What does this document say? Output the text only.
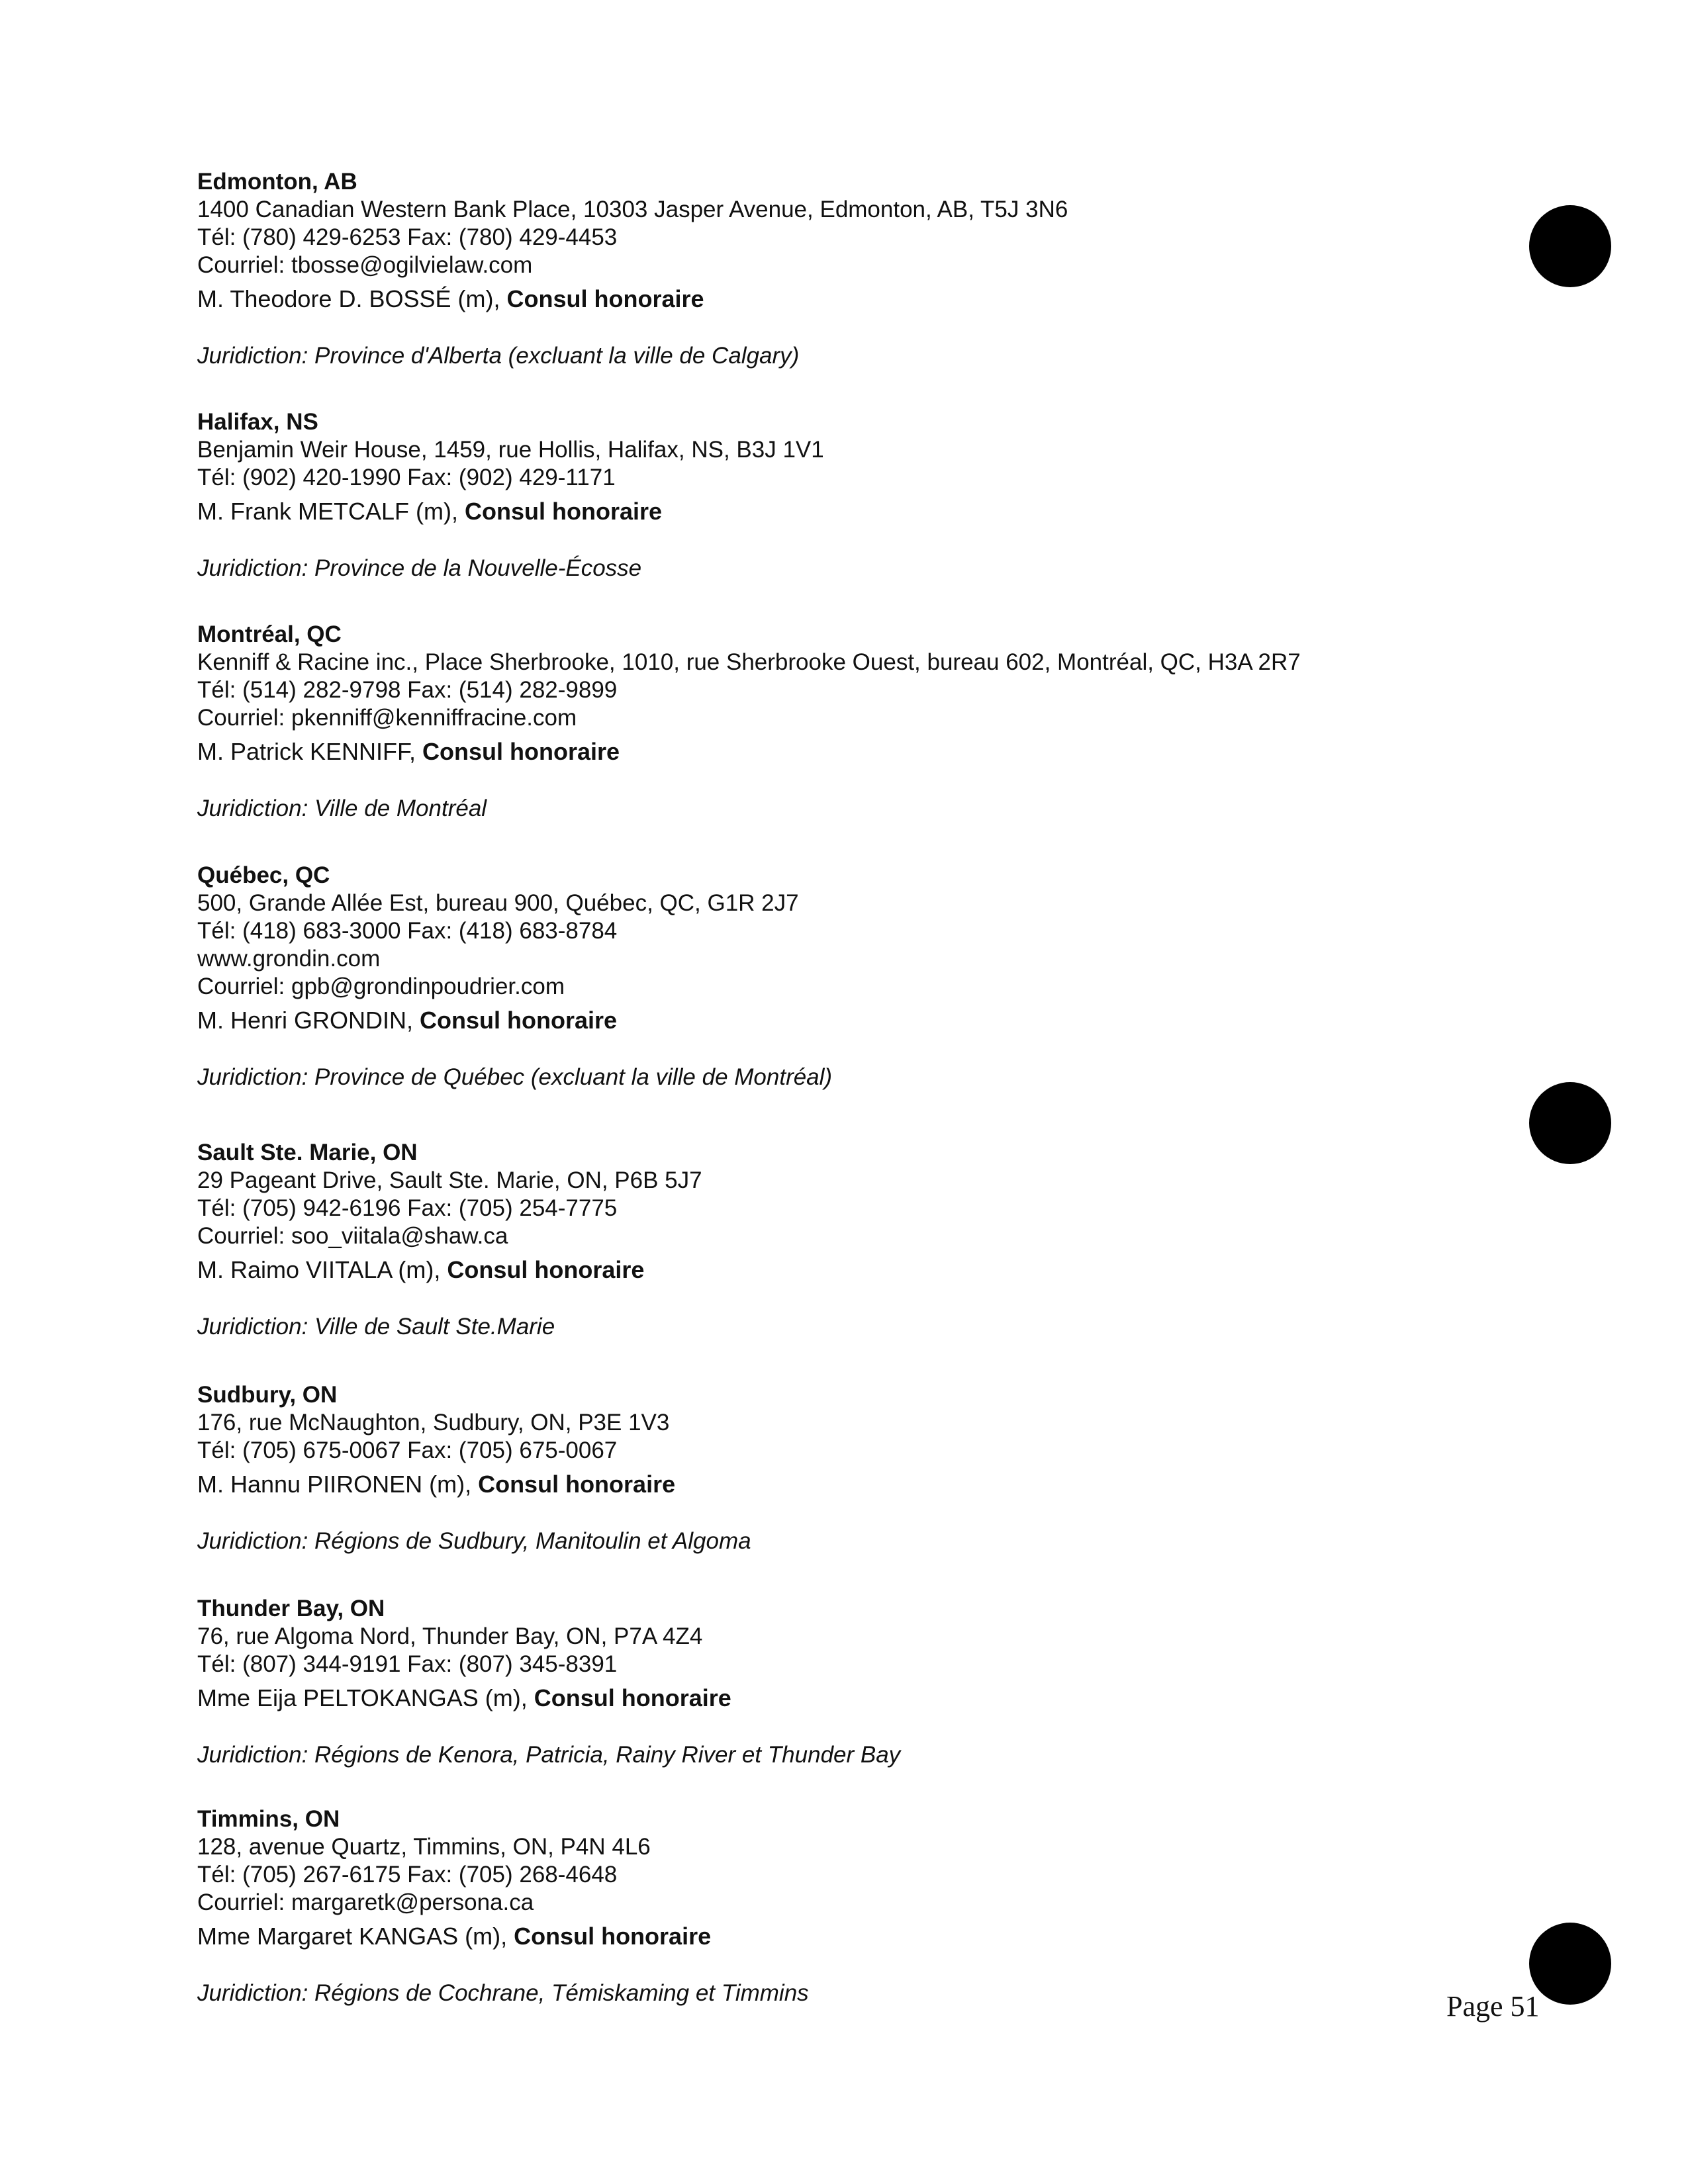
Edmonton, AB
1400 Canadian Western Bank Place, 10303 Jasper Avenue, Edmonton, AB, T5J 3N6
Tél: (780) 429-6253 Fax: (780) 429-4453
Courriel: tbosse@ogilvielaw.com
M. Theodore D. BOSSÉ (m), Consul honoraire
Juridiction: Province d'Alberta (excluant la ville de Calgary)
Halifax, NS
Benjamin Weir House, 1459, rue Hollis, Halifax, NS, B3J 1V1
Tél: (902) 420-1990 Fax: (902) 429-1171
M. Frank METCALF (m), Consul honoraire
Juridiction: Province de la Nouvelle-Écosse
Montréal, QC
Kenniff & Racine inc., Place Sherbrooke, 1010, rue Sherbrooke Ouest, bureau 602, Montréal, QC, H3A 2R7
Tél: (514) 282-9798 Fax: (514) 282-9899
Courriel: pkenniff@kenniffracine.com
M. Patrick KENNIFF, Consul honoraire
Juridiction: Ville de Montréal
Québec, QC
500, Grande Allée Est, bureau 900, Québec, QC, G1R 2J7
Tél: (418) 683-3000 Fax: (418) 683-8784
www.grondin.com
Courriel: gpb@grondinpoudrier.com
M. Henri GRONDIN, Consul honoraire
Juridiction: Province de Québec (excluant la ville de Montréal)
Sault Ste. Marie, ON
29 Pageant Drive, Sault Ste. Marie, ON, P6B 5J7
Tél: (705) 942-6196 Fax: (705) 254-7775
Courriel: soo_viitala@shaw.ca
M. Raimo VIITALA (m), Consul honoraire
Juridiction: Ville de Sault Ste.Marie
Sudbury, ON
176, rue McNaughton, Sudbury, ON, P3E 1V3
Tél: (705) 675-0067 Fax: (705) 675-0067
M. Hannu PIIRONEN (m), Consul honoraire
Juridiction: Régions de Sudbury, Manitoulin et Algoma
Thunder Bay, ON
76, rue Algoma Nord, Thunder Bay, ON, P7A 4Z4
Tél: (807) 344-9191 Fax: (807) 345-8391
Mme Eija PELTOKANGAS (m), Consul honoraire
Juridiction: Régions de Kenora, Patricia, Rainy River et Thunder Bay
Timmins, ON
128, avenue Quartz, Timmins, ON, P4N 4L6
Tél: (705) 267-6175 Fax: (705) 268-4648
Courriel: margaretk@persona.ca
Mme Margaret KANGAS (m), Consul honoraire
Juridiction: Régions de Cochrane, Témiskaming et Timmins	Page 51
